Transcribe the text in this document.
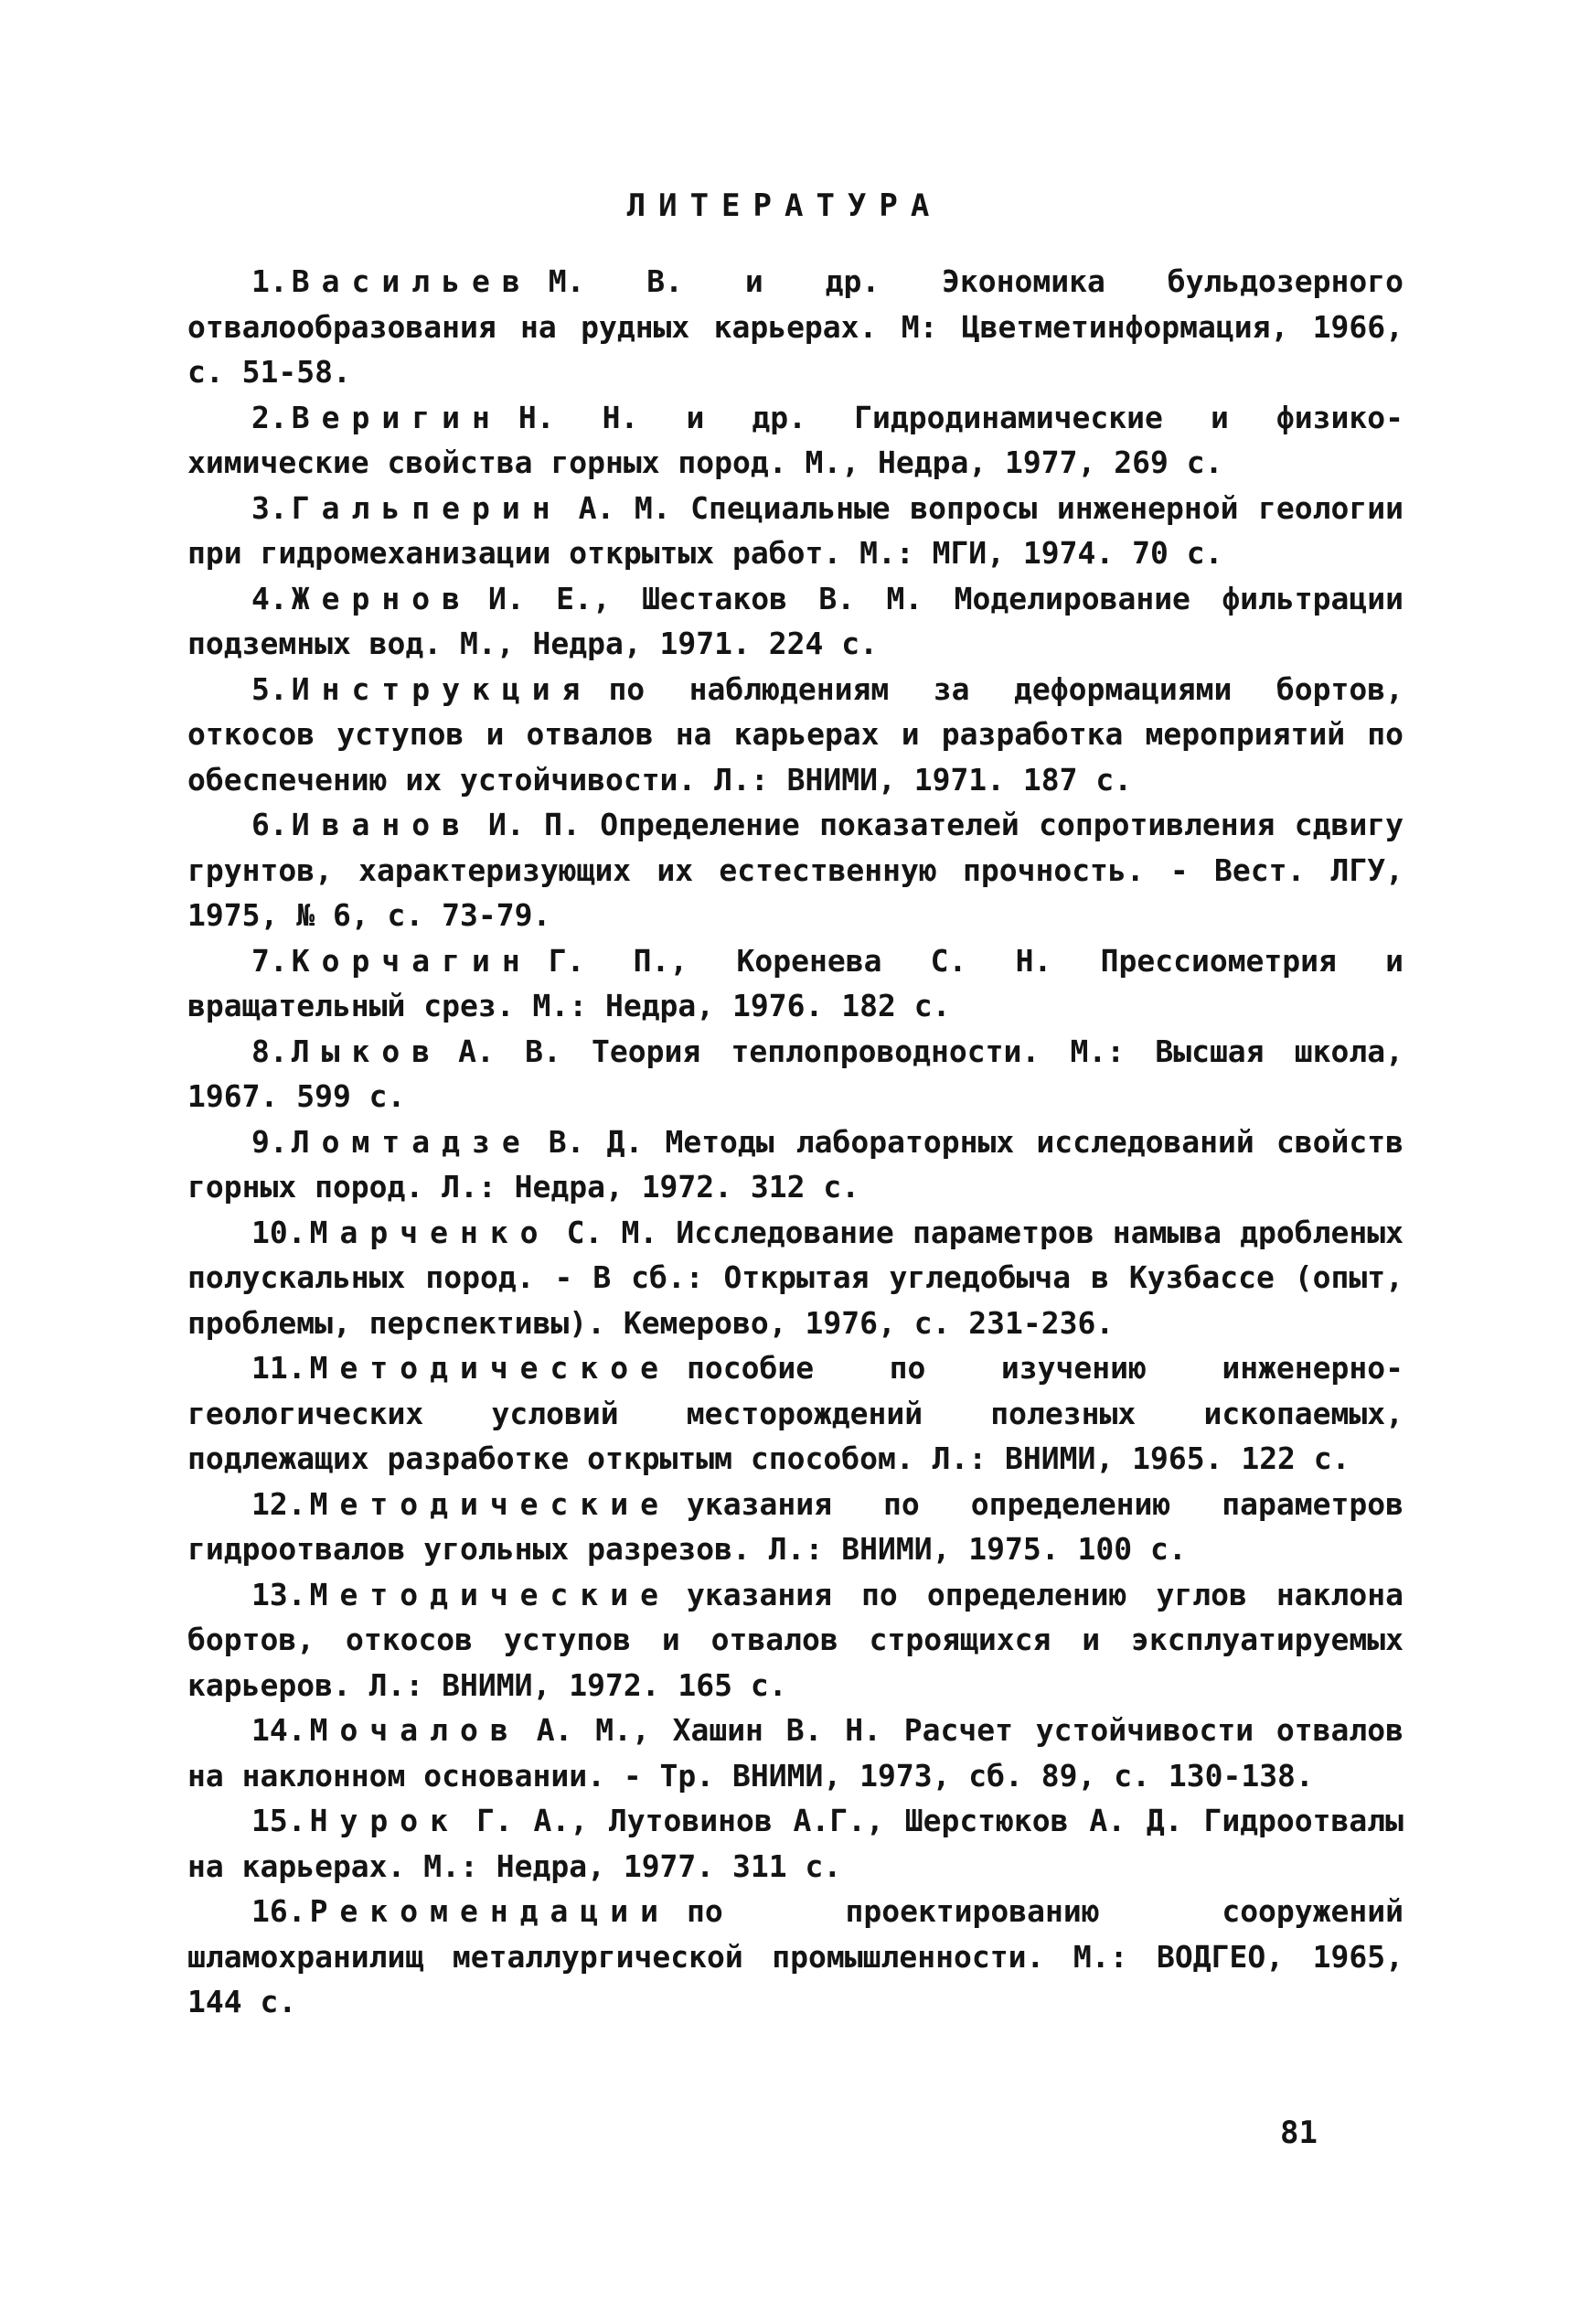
ЛИТЕРАТУРА

1. Васильев М. В. и др. Экономика бульдозерного отвалообразования на рудных карьерах. М: Цветметинформация, 1966, с. 51-58.

2. Веригин Н. Н. и др. Гидродинамические и физико-химические свойства горных пород. М., Недра, 1977, 269 с.

3. Гальперин А. М. Специальные вопросы инженерной геологии при гидромеханизации открытых работ. М.: МГИ, 1974. 70 с.

4. Жернов И. Е., Шестаков В. М. Моделирование фильтрации подземных вод. М., Недра, 1971. 224 с.

5. Инструкция по наблюдениям за деформациями бортов, откосов уступов и отвалов на карьерах и разработка мероприятий по обеспечению их устойчивости. Л.: ВНИМИ, 1971. 187 с.

6. Иванов И. П. Определение показателей сопротивления сдвигу грунтов, характеризующих их естественную прочность. - Вест. ЛГУ, 1975, № 6, с. 73-79.

7. Корчагин Г. П., Коренева С. Н. Прессиометрия и вращательный срез. М.: Недра, 1976. 182 с.

8. Лыков А. В. Теория теплопроводности. М.: Высшая школа, 1967. 599 с.

9. Ломтадзе В. Д. Методы лабораторных исследований свойств горных пород. Л.: Недра, 1972. 312 с.

10. Марченко С. М. Исследование параметров намыва дробленых полускальных пород. - В сб.: Открытая угледобыча в Кузбассе (опыт, проблемы, перспективы). Кемерово, 1976, с. 231-236.

11. Методическое пособие по изучению инженерно-геологических условий месторождений полезных ископаемых, подлежащих разработке открытым способом. Л.: ВНИМИ, 1965. 122 с.

12. Методические указания по определению параметров гидроотвалов угольных разрезов. Л.: ВНИМИ, 1975. 100 с.

13. Методические указания по определению углов наклона бортов, откосов уступов и отвалов строящихся и эксплуатируемых карьеров. Л.: ВНИМИ, 1972. 165 с.

14. Мочалов А. М., Хашин В. Н. Расчет устойчивости отвалов на наклонном основании. - Тр. ВНИМИ, 1973, сб. 89, с. 130-138.

15. Нурок Г. А., Лутовинов А.Г., Шерстюков А. Д. Гидроотвалы на карьерах. М.: Недра, 1977. 311 с.

16. Рекомендации по проектированию сооружений шламохранилищ металлургической промышленности. М.: ВОДГЕО, 1965, 144 с.

81
